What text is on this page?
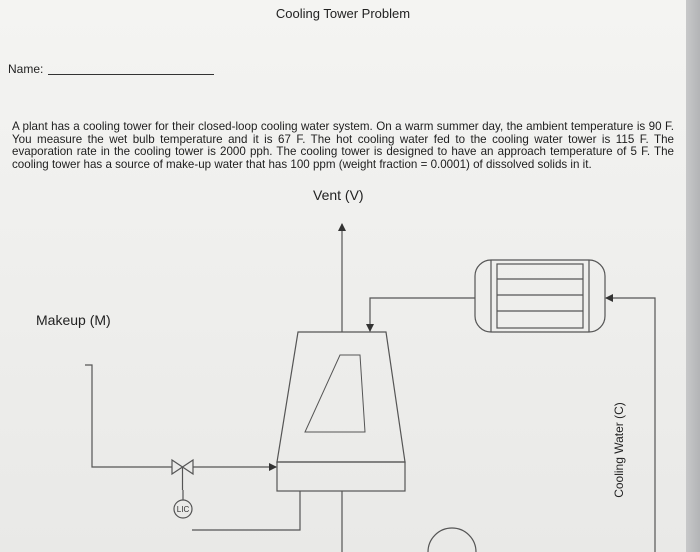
Cooling Tower Problem
Name:
A plant has a cooling tower for their closed-loop cooling water system. On a warm summer day, the ambient temperature is 90 F. You measure the wet bulb temperature and it is 67 F. The hot cooling water fed to the cooling water tower is 115 F. The evaporation rate in the cooling tower is 2000 pph. The cooling tower is designed to have an approach temperature of 5 F. The cooling tower has a source of make-up water that has 100 ppm (weight fraction = 0.0001) of dissolved solids in it.
Vent (V)
Makeup (M)
Cooling Water (C)
LIC
